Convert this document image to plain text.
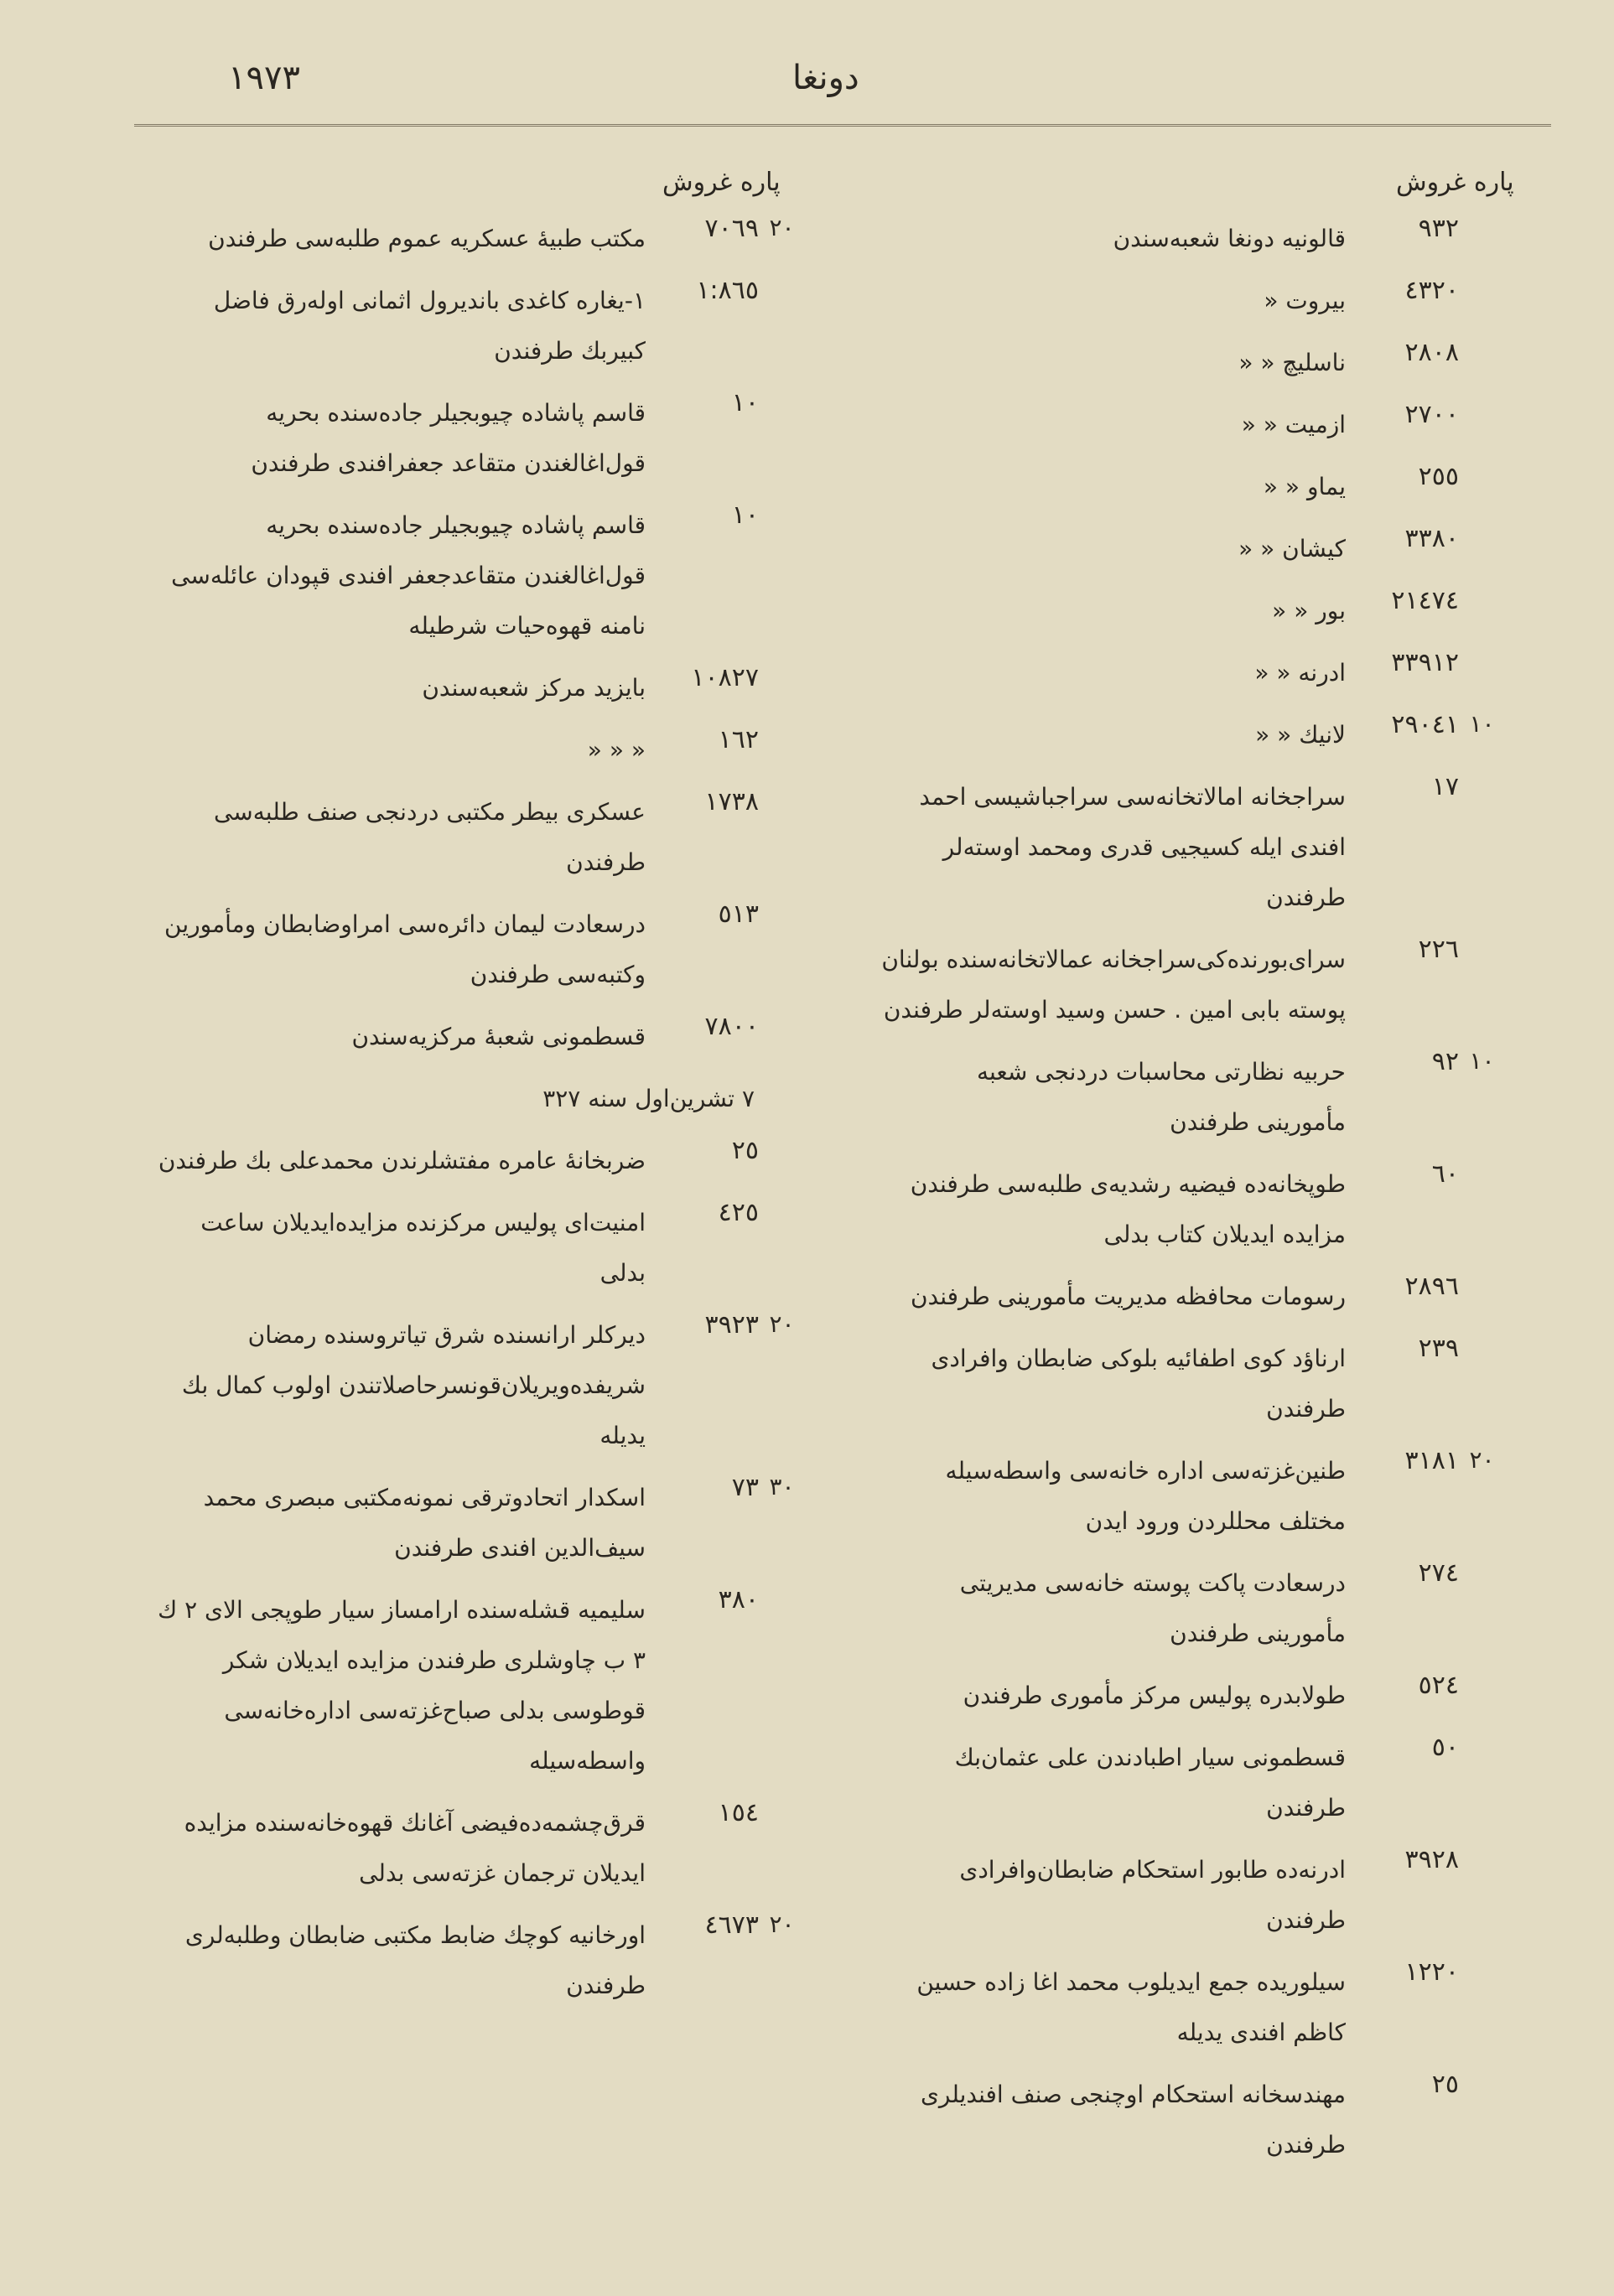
١٩٧٣	دونغا
پاره غروش	پاره غروش
٢٠
٧٠٦٩
مكتب طبيهٔ عسكريه عموم طلبه‌سی طرفندن
١:٨٦٥
١-يغاره كاغدی بانديرول اثمانی اوله‌رق فاضل كبيربك طرفندن
١٠
قاسم پاشاده چيوبجيلر جاده‌سنده بحريه قول‌اغالغندن متقاعد جعفرافندی طرفندن
١٠
قاسم پاشاده چيوبجيلر جاده‌سنده بحريه قول‌اغالغندن متقاعدجعفر افندی قپودان عائله‌سی نامنه قهوه‌حيات شرطيله
١٠٨٢٧
بايزيد مركز شعبه‌سندن
١٦٢
« « «
١٧٣٨
عسكری بيطر مكتبی دردنجی صنف طلبه‌سی طرفندن
٥١٣
درسعادت ليمان دائره‌سی امراوضابطان ومأمورين وكتبه‌سی طرفندن
٧٨٠٠
قسطمونی شعبهٔ مركزيه‌سندن
٧ تشرين‌اول سنه ٣٢٧
٢٥
ضربخانهٔ عامره مفتشلرندن محمدعلی بك طرفندن
٤٢٥
امنيت‌ای پوليس مركزنده مزايده‌ايديلان ساعت بدلی
٢٠
٣٩٢٣
ديركلر ارانسنده شرق تياتروسنده رمضان شريفده‌ويريلان‌قونسرحاصلاتندن اولوب كمال بك يديله
٣٠
٧٣
اسكدار اتحادوترقی نمونه‌مكتبی مبصری محمد سيف‌الدين افندی طرفندن
٣٨٠
سليميه قشله‌سنده ارامساز سيار طوپجی الای ٢ ك ٣ ب چاوشلری طرفندن مزايده ايديلان شكر قوطوسی بدلی صباح‌غزته‌سی اداره‌خانه‌سی واسطه‌سيله
١٥٤
قرق‌چشمه‌ده‌فيضی آغانك قهوه‌خانه‌سنده مزايده ايديلان ترجمان غزته‌سی بدلی
٢٠
٤٦٧٣
اورخانيه كوچك ضابط مكتبی ضابطان وطلبه‌لری طرفندن
٩٣٢
قالونيه دونغا شعبه‌سندن
٤٣٢٠
بيروت «
٢٨٠٨
ناسليچ « «
٢٧٠٠
ازميت « «
٢٥٥
يماو « «
٣٣٨٠
كيشان « «
٢١٤٧٤
بور « «
٣٣٩١٢
ادرنه « «
١٠
٢٩٠٤١
لانيك « «
١٧
سراجخانه امالاتخانه‌سی سراجباشيسی احمد افندی ايله كسيجيی قدری ومحمد اوسته‌لر طرفندن
٢٢٦
سرای‌بورنده‌كی‌سراجخانه عمالاتخانه‌سنده بولنان پوسته بابی امين . حسن وسيد اوسته‌لر طرفندن
١٠
٩٢
حربيه نظارتی محاسبات دردنجی شعبه مأمورينی طرفندن
٦٠
طوپخانه‌ده فيضيه رشديه‌ی طلبه‌سی طرفندن مزايده ايديلان كتاب بدلی
٢٨٩٦
رسومات محافظه مديريت مأمورينی طرفندن
٢٣٩
ارناؤد كوی اطفائيه بلوكی ضابطان وافرادی طرفندن
٢٠
٣١٨١
طنين‌غزته‌سی اداره خانه‌سی واسطه‌سيله مختلف محللردن ورود ايدن
٢٧٤
درسعادت پاكت پوسته خانه‌سی مديريتی مأمورينی طرفندن
٥٢٤
طولابدره پوليس مركز مأموری طرفندن
٥٠
قسطمونی سيار اطبادندن علی عثمان‌بك طرفندن
٣٩٢٨
ادرنه‌ده طابور استحكام ضابطان‌وافرادی طرفندن
١٢٢٠
سيلوريده جمع ايديلوب محمد اغا زاده حسين كاظم افندی يديله
٢٥
مهندسخانه استحكام اوچنجی صنف افنديلری طرفندن
